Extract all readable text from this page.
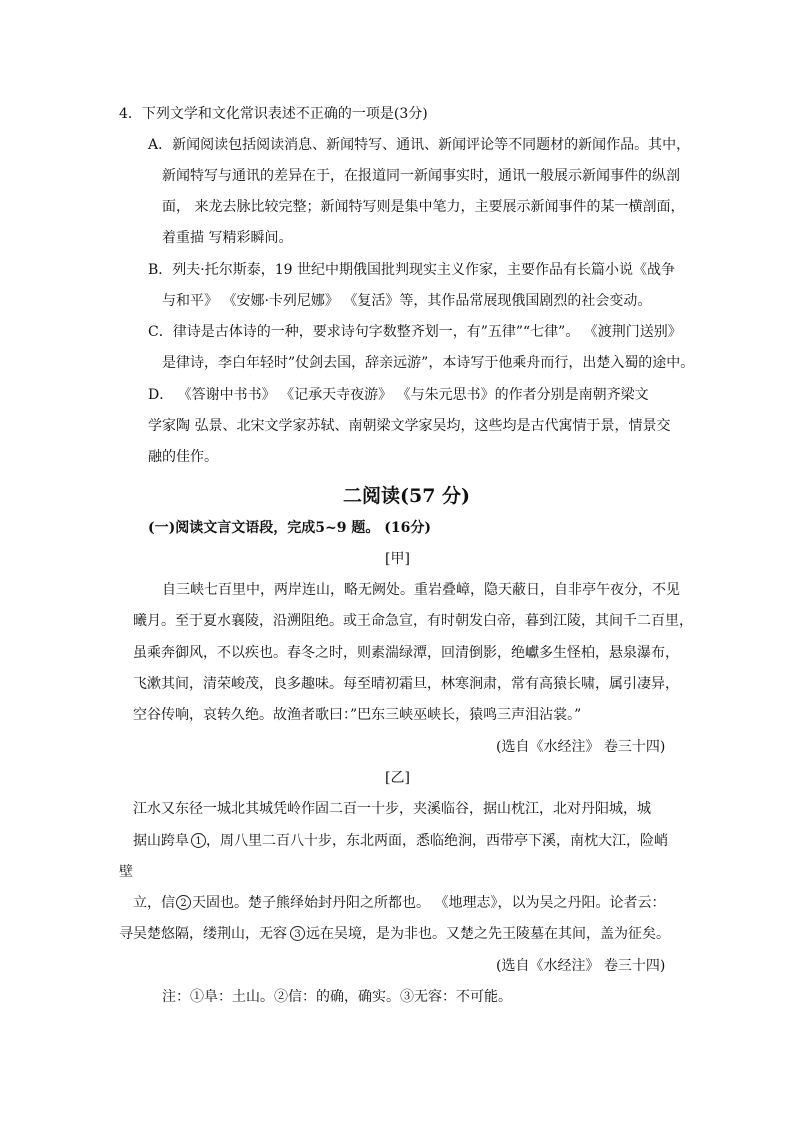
4．下列文学和文化常识表述不正确的一项是(3分)
A．新闻阅读包括阅读消息、新闻特写、通讯、新闻评论等不同题材的新闻作品。其中，
新闻特写与通讯的差异在于，在报道同一新闻事实时，通讯一般展示新闻事件的纵剖
面， 来龙去脉比较完整；新闻特写则是集中笔力，主要展示新闻事件的某一横剖面，
着重描 写精彩瞬间。
B．列夫·托尔斯泰，19 世纪中期俄国批判现实主义作家，主要作品有长篇小说《战争
与和平》 《安娜·卡列尼娜》 《复活》等，其作品常展现俄国剧烈的社会变动。
C．律诗是古体诗的一种，要求诗句字数整齐划一，有”五律”“七律”。 《渡荆门送别》
是律诗，李白年轻时”仗剑去国，辞亲远游”，本诗写于他乘舟而行，出楚入蜀的途中。
D． 《答谢中书书》 《记承天寺夜游》 《与朱元思书》的作者分别是南朝齐梁文
学家陶 弘景、北宋文学家苏轼、南朝梁文学家吴均，这些均是古代寓情于景，情景交
融的佳作。
二阅读(57 分)
(一)阅读文言文语段，完成5~9 题。 (16分)
[甲]
自三峡七百里中，两岸连山，略无阙处。重岩叠嶂，隐天蔽日，自非亭午夜分，不见
曦月。至于夏水襄陵，沿溯阻绝。或王命急宣，有时朝发白帝，暮到江陵，其间千二百里，
虽乘奔御风，不以疾也。春冬之时，则素湍绿潭，回清倒影，绝巘多生怪柏，悬泉瀑布，
飞漱其间，清荣峻茂，良多趣味。每至晴初霜旦，林寒涧肃，常有高猿长啸，属引凄异，
空谷传响，哀转久绝。故渔者歌曰：”巴东三峡巫峡长，猿鸣三声泪沾裳。”
(选自《水经注》 卷三十四)
[乙]
江水又东径一城北其城凭岭作固二百一十步，夹溪临谷，据山枕江，北对丹阳城，城
据山跨阜 1 ，周八里二百八十步，东北两面，悉临绝涧，西带亭下溪，南枕大江，险峭
壁
立，信 2 天固也。楚子熊绎始封丹阳之所都也。 《地理志》，以为吴之丹阳。论者云：
寻吴楚悠隔，缕荆山，无容 3 远在吴境，是为非也。又楚之先王陵墓在其间，盖为征矣。
(选自《水经注》 卷三十四)
注：①阜：土山。②信：的确，确实。③无容：不可能。
